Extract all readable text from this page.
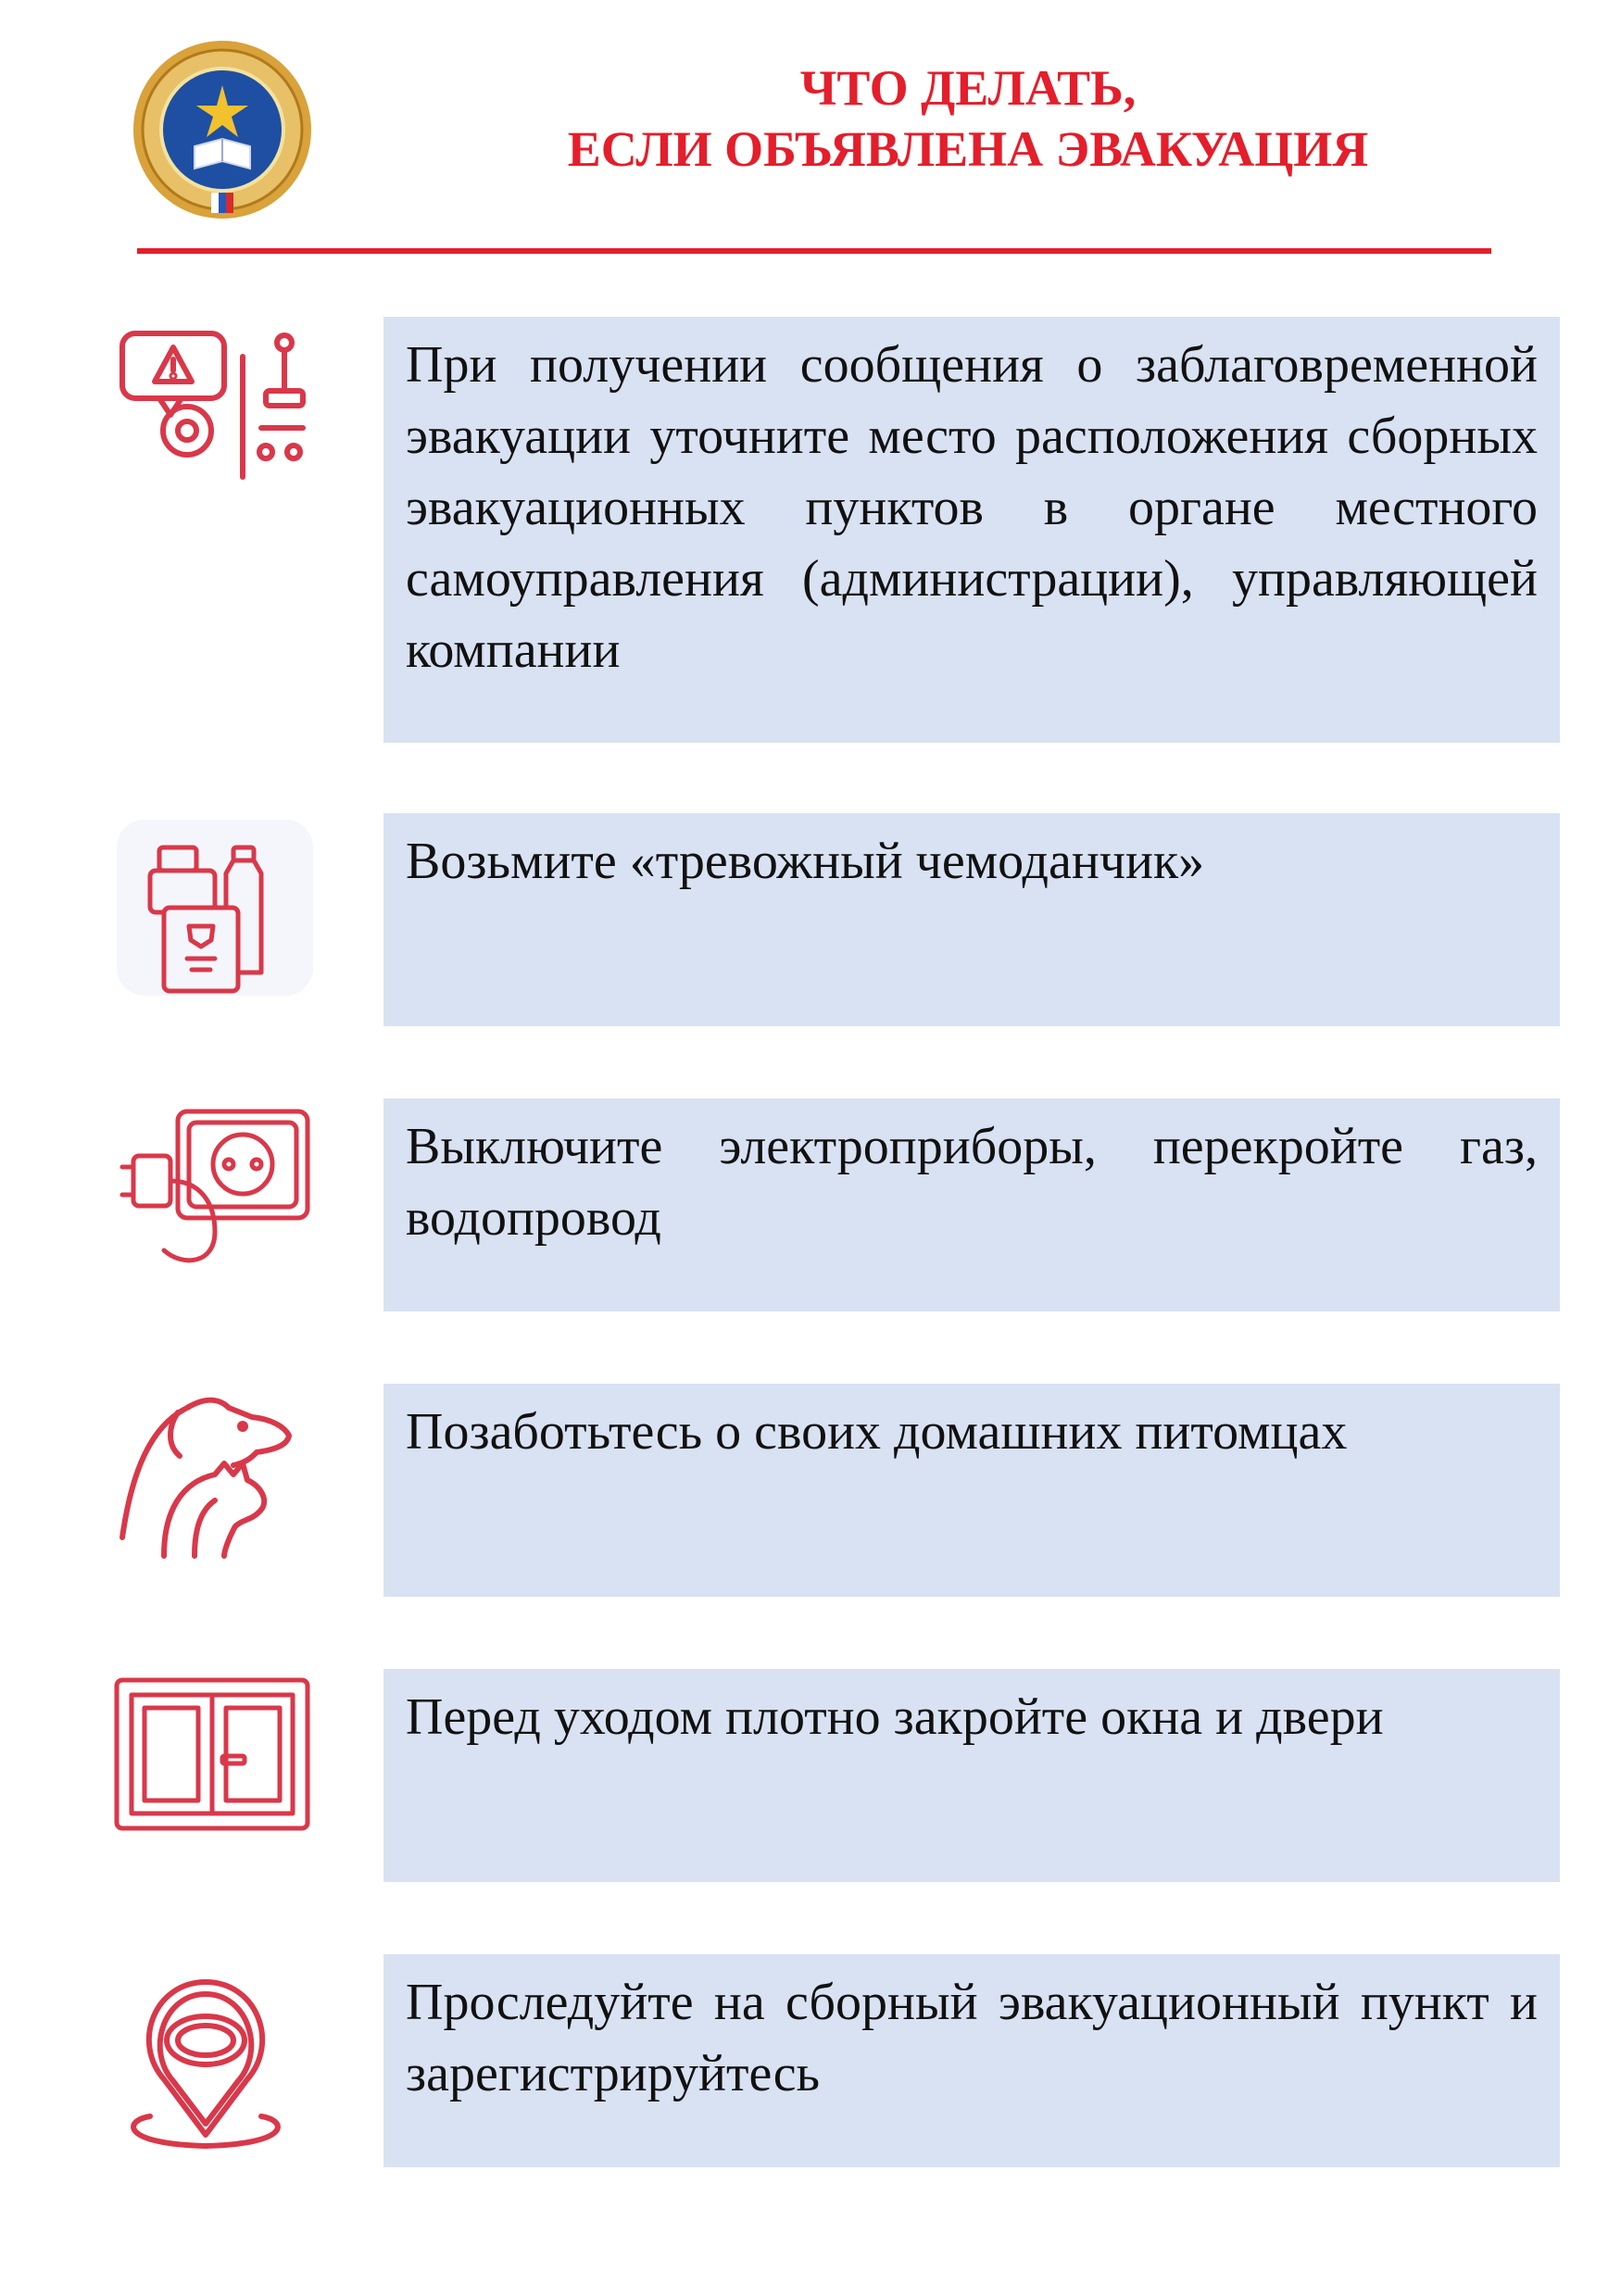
ЧТО ДЕЛАТЬ,
ЕСЛИ ОБЪЯВЛЕНА ЭВАКУАЦИЯ

При получении сообщения о заблаговременной эвакуации уточните место расположения сборных эвакуационных пунктов в органе местного самоуправления (администрации), управляющей компании

Возьмите «тревожный чемоданчик»

Выключите электроприборы, перекройте газ, водопровод

Позаботьтесь о своих домашних питомцах

Перед уходом плотно закройте окна и двери

Проследуйте на сборный эвакуационный пункт и зарегистрируйтесь
